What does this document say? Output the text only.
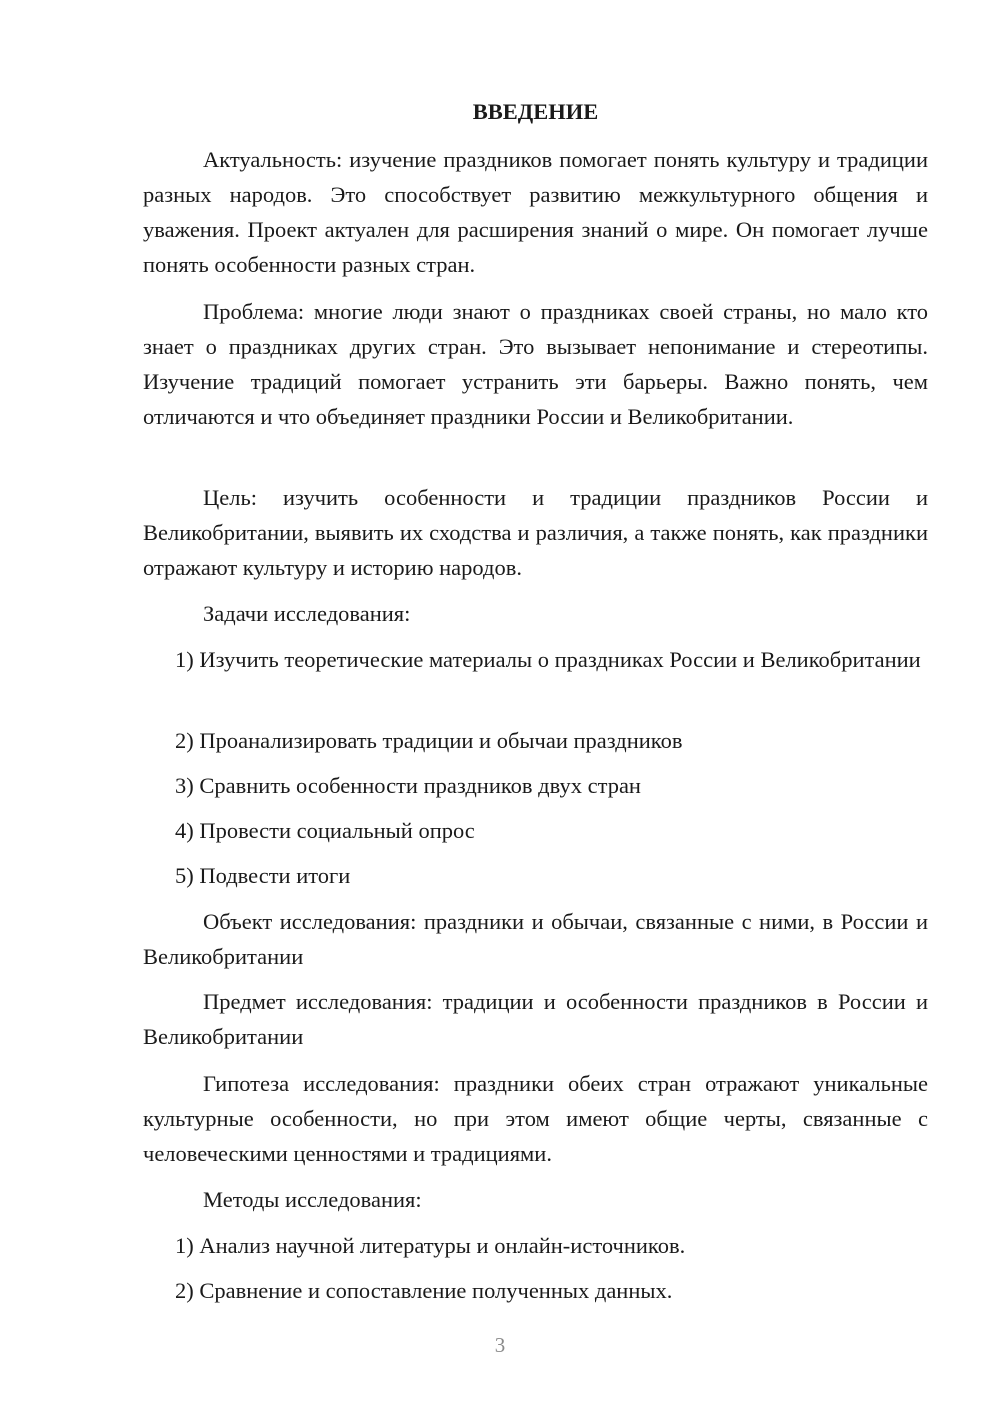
ВВЕДЕНИЕ

Актуальность: изучение праздников помогает понять культуру и традиции разных народов. Это способствует развитию межкультурного общения и уважения. Проект актуален для расширения знаний о мире. Он помогает лучше понять особенности разных стран.

Проблема: многие люди знают о праздниках своей страны, но мало кто знает о праздниках других стран. Это вызывает непонимание и стереотипы. Изучение традиций помогает устранить эти барьеры. Важно понять, чем отличаются и что объединяет праздники России и Великобритании.

Цель: изучить особенности и традиции праздников России и Великобритании, выявить их сходства и различия, а также понять, как праздники отражают культуру и историю народов.

Задачи исследования:

1) Изучить теоретические материалы о праздниках России и Великобритании

2) Проанализировать традиции и обычаи праздников

3) Сравнить особенности праздников двух стран

4) Провести социальный опрос

5) Подвести итоги

Объект исследования: праздники и обычаи, связанные с ними, в России и Великобритании

Предмет исследования: традиции и особенности праздников в России и Великобритании

Гипотеза исследования: праздники обеих стран отражают уникальные культурные особенности, но при этом имеют общие черты, связанные с человеческими ценностями и традициями.

Методы исследования:

1) Анализ научной литературы и онлайн-источников.

2) Сравнение и сопоставление полученных данных.

3
